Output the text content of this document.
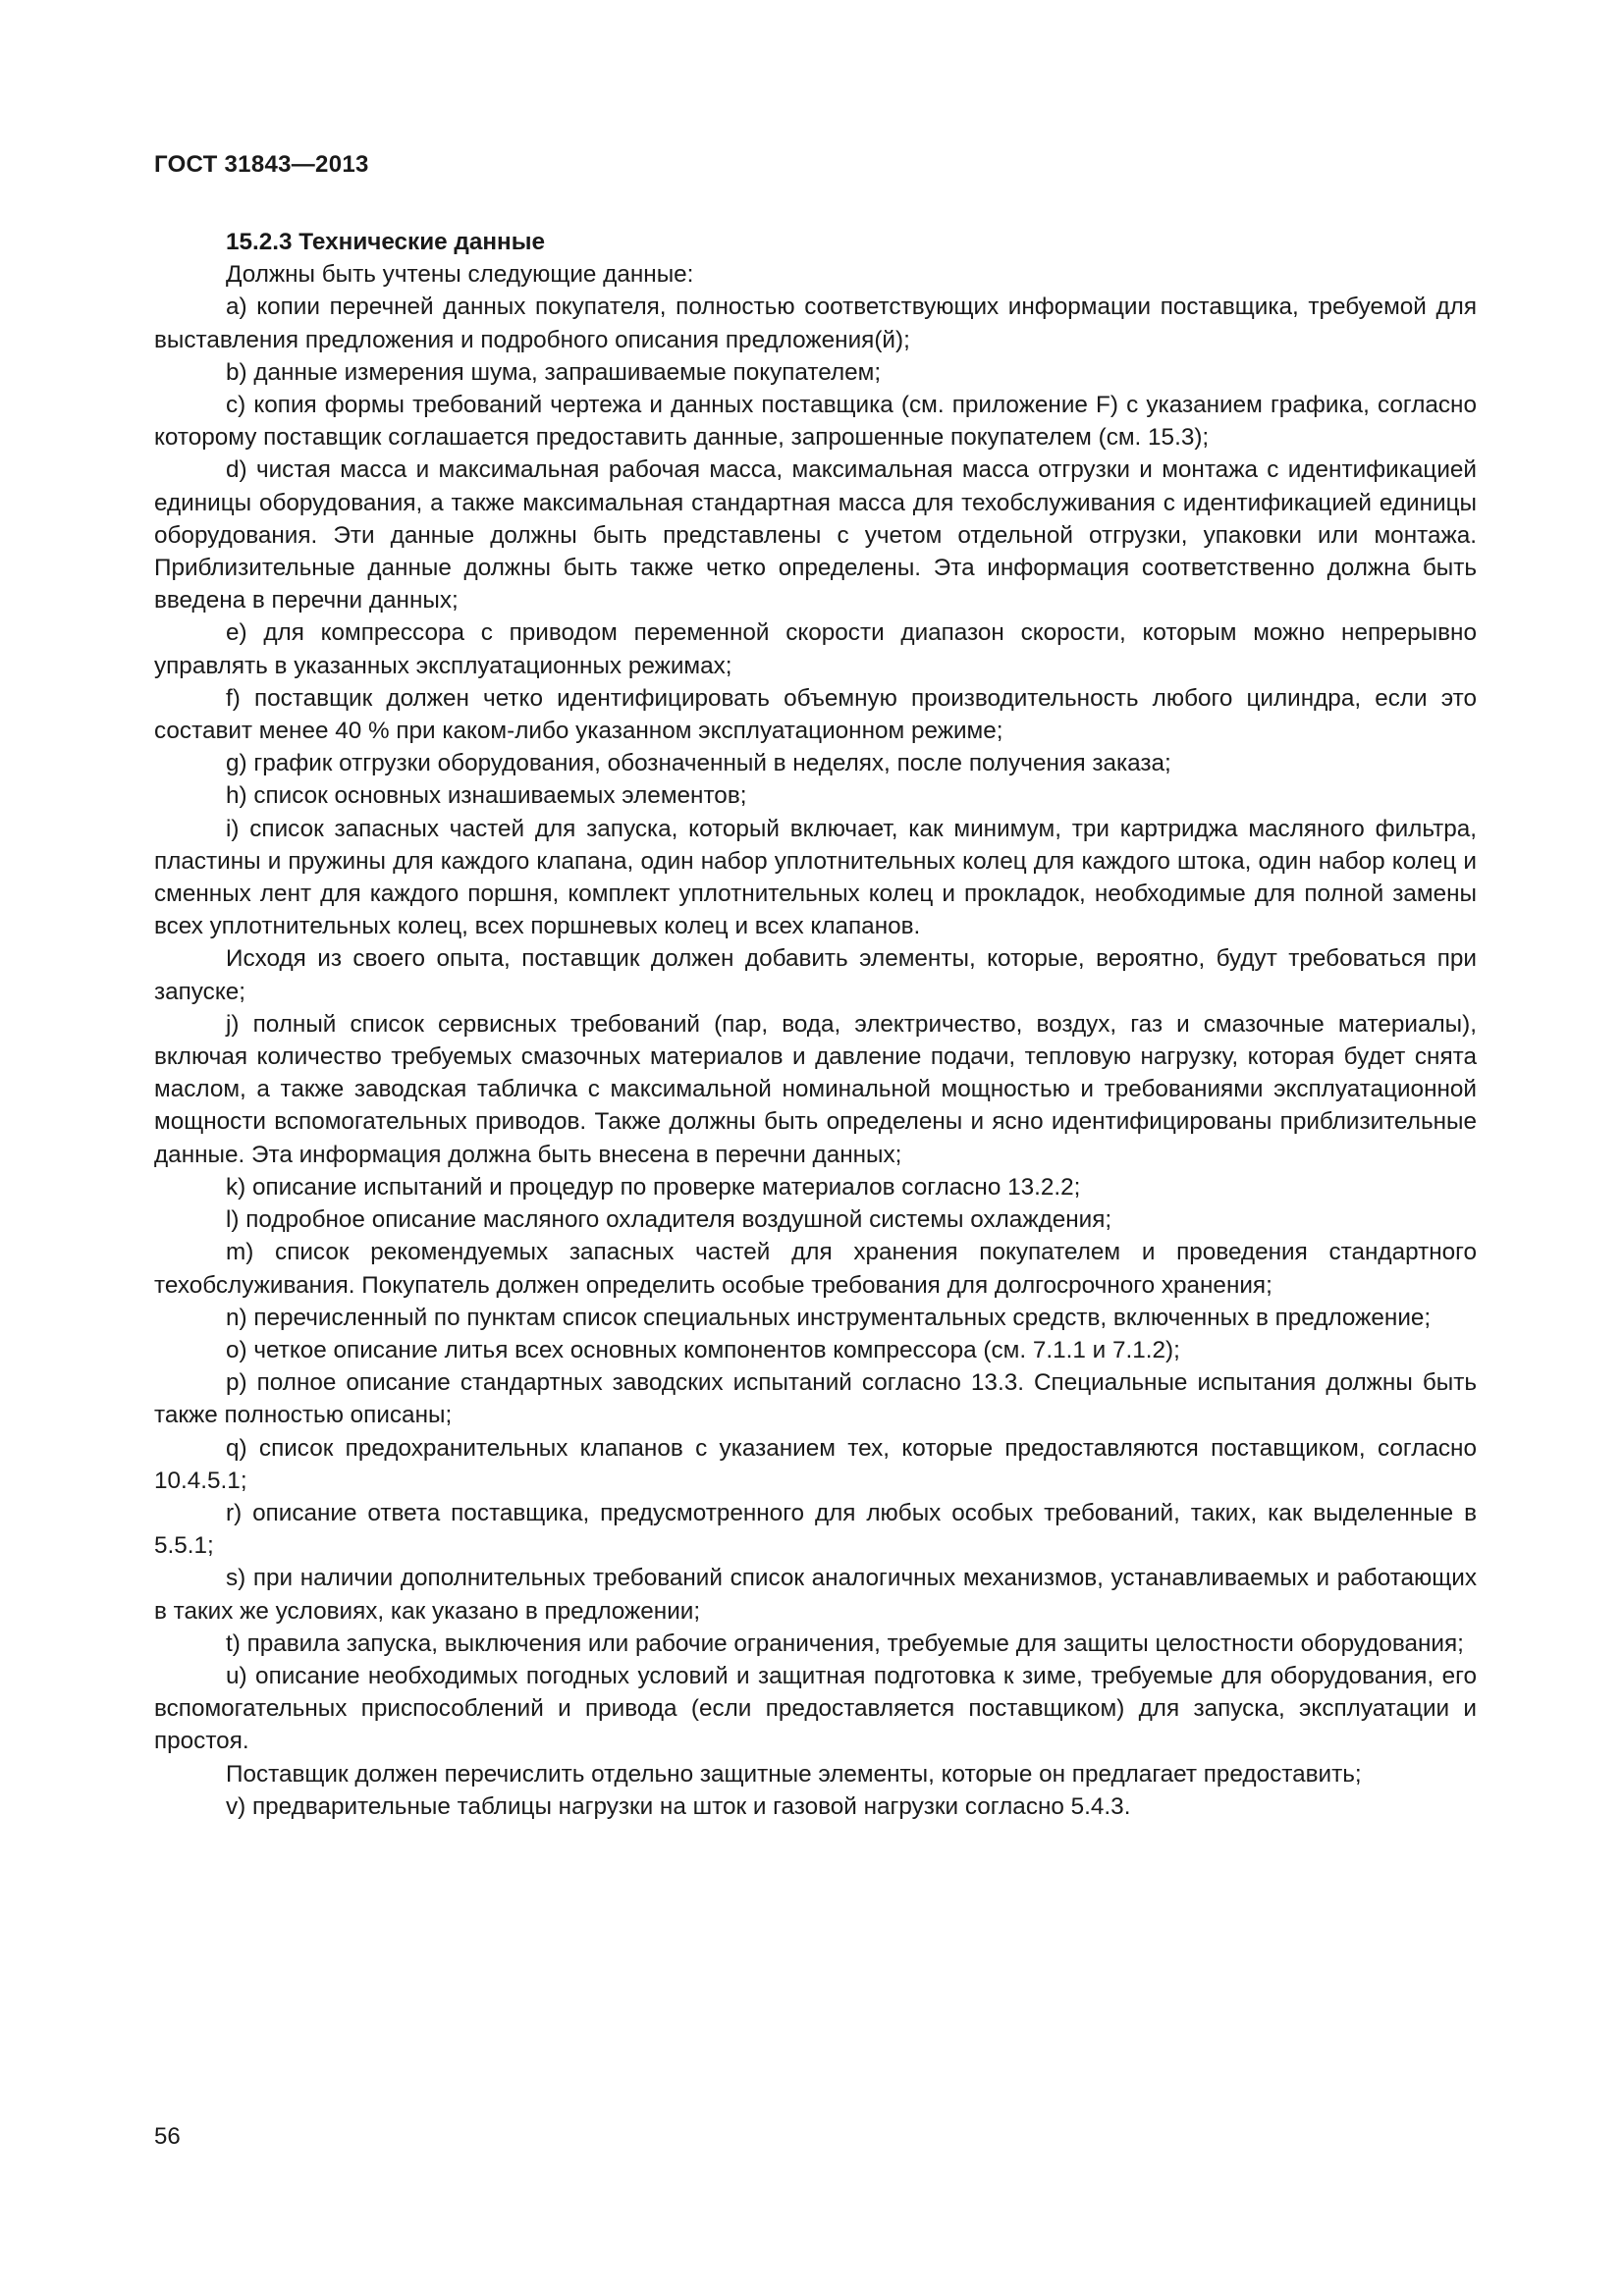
ГОСТ 31843—2013

15.2.3 Технические данные

Должны быть учтены следующие данные:

a) копии перечней данных покупателя, полностью соответствующих информации поставщика, требуемой для выставления предложения и подробного описания предложения(й);

b) данные измерения шума, запрашиваемые покупателем;

c) копия формы требований чертежа и данных поставщика (см. приложение F) с указанием графика, согласно которому поставщик соглашается предоставить данные, запрошенные покупателем (см. 15.3);

d) чистая масса и максимальная рабочая масса, максимальная масса отгрузки и монтажа с идентификацией единицы оборудования, а также максимальная стандартная масса для техобслуживания с идентификацией единицы оборудования. Эти данные должны быть представлены с учетом отдельной отгрузки, упаковки или монтажа. Приблизительные данные должны быть также четко определены. Эта информация соответственно должна быть введена в перечни данных;

e) для компрессора с приводом переменной скорости диапазон скорости, которым можно непрерывно управлять в указанных эксплуатационных режимах;

f) поставщик должен четко идентифицировать объемную производительность любого цилиндра, если это составит менее 40 % при каком-либо указанном эксплуатационном режиме;

g) график отгрузки оборудования, обозначенный в неделях, после получения заказа;

h) список основных изнашиваемых элементов;

i) список запасных частей для запуска, который включает, как минимум, три картриджа масляного фильтра, пластины и пружины для каждого клапана, один набор уплотнительных колец для каждого штока, один набор колец и сменных лент для каждого поршня, комплект уплотнительных колец и прокладок, необходимые для полной замены всех уплотнительных колец, всех поршневых колец и всех клапанов.

Исходя из своего опыта, поставщик должен добавить элементы, которые, вероятно, будут требоваться при запуске;

j) полный список сервисных требований (пар, вода, электричество, воздух, газ и смазочные материалы), включая количество требуемых смазочных материалов и давление подачи, тепловую нагрузку, которая будет снята маслом, а также заводская табличка с максимальной номинальной мощностью и требованиями эксплуатационной мощности вспомогательных приводов. Также должны быть определены и ясно идентифицированы приблизительные данные. Эта информация должна быть внесена в перечни данных;

k) описание испытаний и процедур по проверке материалов согласно 13.2.2;

l) подробное описание масляного охладителя воздушной системы охлаждения;

m) список рекомендуемых запасных частей для хранения покупателем и проведения стандартного техобслуживания. Покупатель должен определить особые требования для долгосрочного хранения;

n) перечисленный по пунктам список специальных инструментальных средств, включенных в предложение;

o) четкое описание литья всех основных компонентов компрессора (см. 7.1.1 и 7.1.2);

p) полное описание стандартных заводских испытаний согласно 13.3. Специальные испытания должны быть также полностью описаны;

q) список предохранительных клапанов с указанием тех, которые предоставляются поставщиком, согласно 10.4.5.1;

r) описание ответа поставщика, предусмотренного для любых особых требований, таких, как выделенные в 5.5.1;

s) при наличии дополнительных требований список аналогичных механизмов, устанавливаемых и работающих в таких же условиях, как указано в предложении;

t) правила запуска, выключения или рабочие ограничения, требуемые для защиты целостности оборудования;

u) описание необходимых погодных условий и защитная подготовка к зиме, требуемые для оборудования, его вспомогательных приспособлений и привода (если предоставляется поставщиком) для запуска, эксплуатации и простоя.

Поставщик должен перечислить отдельно защитные элементы, которые он предлагает предоставить;

v) предварительные таблицы нагрузки на шток и газовой нагрузки согласно 5.4.3.

56
